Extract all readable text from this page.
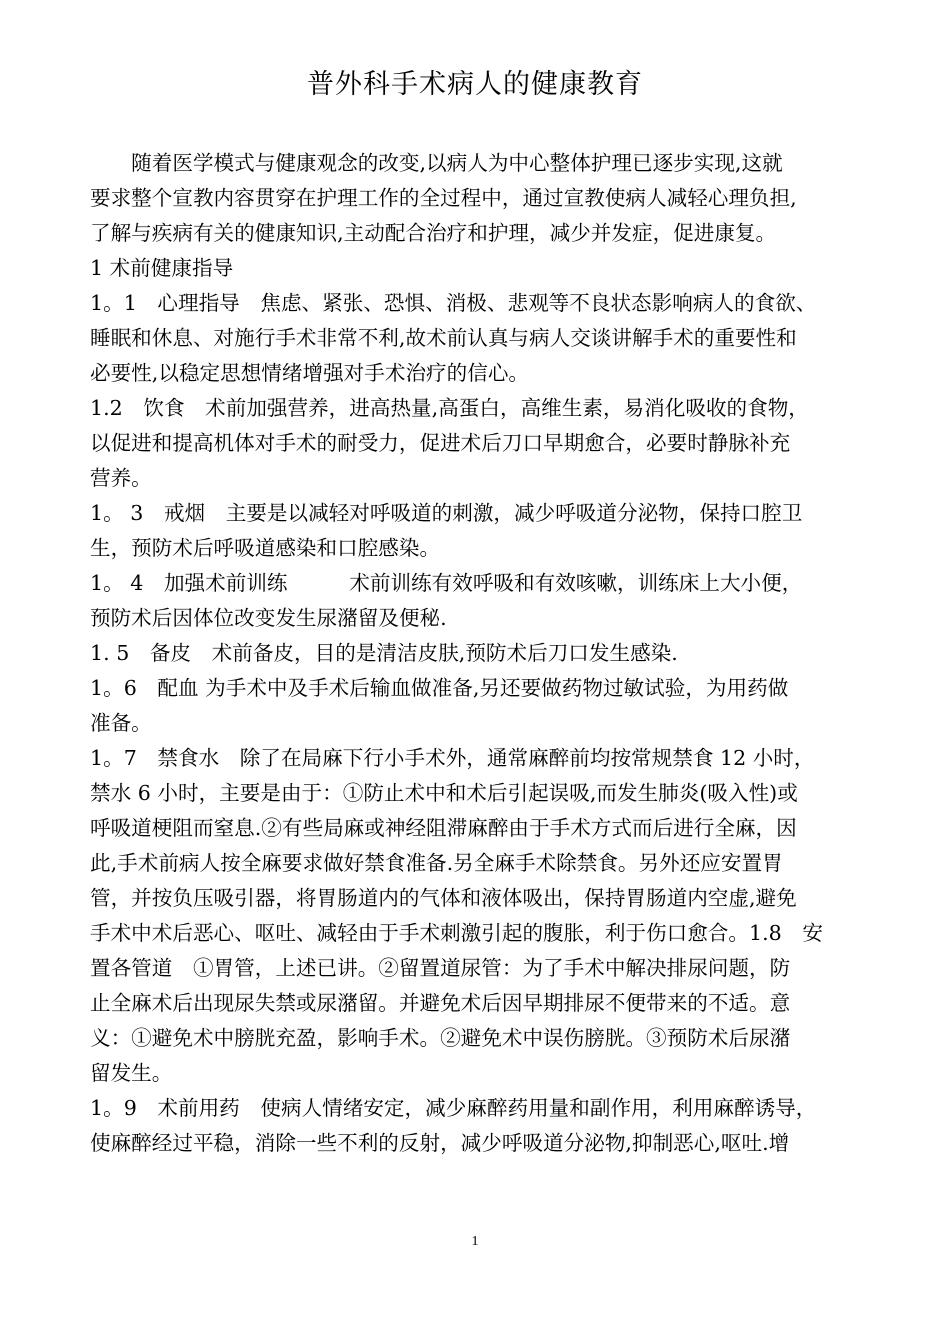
普外科手术病人的健康教育
　　随着医学模式与健康观念的改变,以病人为中心整体护理已逐步实现,这就
要求整个宣教内容贯穿在护理工作的全过程中，通过宣教使病人减轻心理负担,
了解与疾病有关的健康知识,主动配合治疗和护理，减少并发症，促进康复。
1 术前健康指导
1。1　心理指导　焦虑、紧张、恐惧、消极、悲观等不良状态影响病人的食欲、
睡眠和休息、对施行手术非常不利,故术前认真与病人交谈讲解手术的重要性和
必要性,以稳定思想情绪增强对手术治疗的信心。
1.2　饮食　术前加强营养，进高热量,高蛋白，高维生素，易消化吸收的食物，
以促进和提高机体对手术的耐受力，促进术后刀口早期愈合，必要时静脉补充
营养。
1。 3　戒烟　主要是以减轻对呼吸道的刺激，减少呼吸道分泌物，保持口腔卫
生，预防术后呼吸道感染和口腔感染。
1。 4　加强术前训练　　　术前训练有效呼吸和有效咳嗽，训练床上大小便，
预防术后因体位改变发生尿潴留及便秘.
1. 5　备皮　术前备皮，目的是清洁皮肤,预防术后刀口发生感染.
1。6　配血 为手术中及手术后输血做准备,另还要做药物过敏试验，为用药做
准备。
1。7　禁食水　除了在局麻下行小手术外，通常麻醉前均按常规禁食 12 小时，
禁水 6 小时，主要是由于：①防止术中和术后引起误吸,而发生肺炎(吸入性)或
呼吸道梗阻而窒息.②有些局麻或神经阻滞麻醉由于手术方式而后进行全麻，因
此,手术前病人按全麻要求做好禁食准备.另全麻手术除禁食。另外还应安置胃
管，并按负压吸引器，将胃肠道内的气体和液体吸出，保持胃肠道内空虚,避免
手术中术后恶心、呕吐、减轻由于手术刺激引起的腹胀，利于伤口愈合。1.8　安
置各管道　①胃管，上述已讲。②留置道尿管：为了手术中解决排尿问题，防
止全麻术后出现尿失禁或尿潴留。并避免术后因早期排尿不便带来的不适。意
义：①避免术中膀胱充盈，影响手术。②避免术中误伤膀胱。③预防术后尿潴
留发生。
1。9　术前用药　使病人情绪安定，减少麻醉药用量和副作用，利用麻醉诱导，
使麻醉经过平稳，消除一些不利的反射，减少呼吸道分泌物,抑制恶心,呕吐.增
1
